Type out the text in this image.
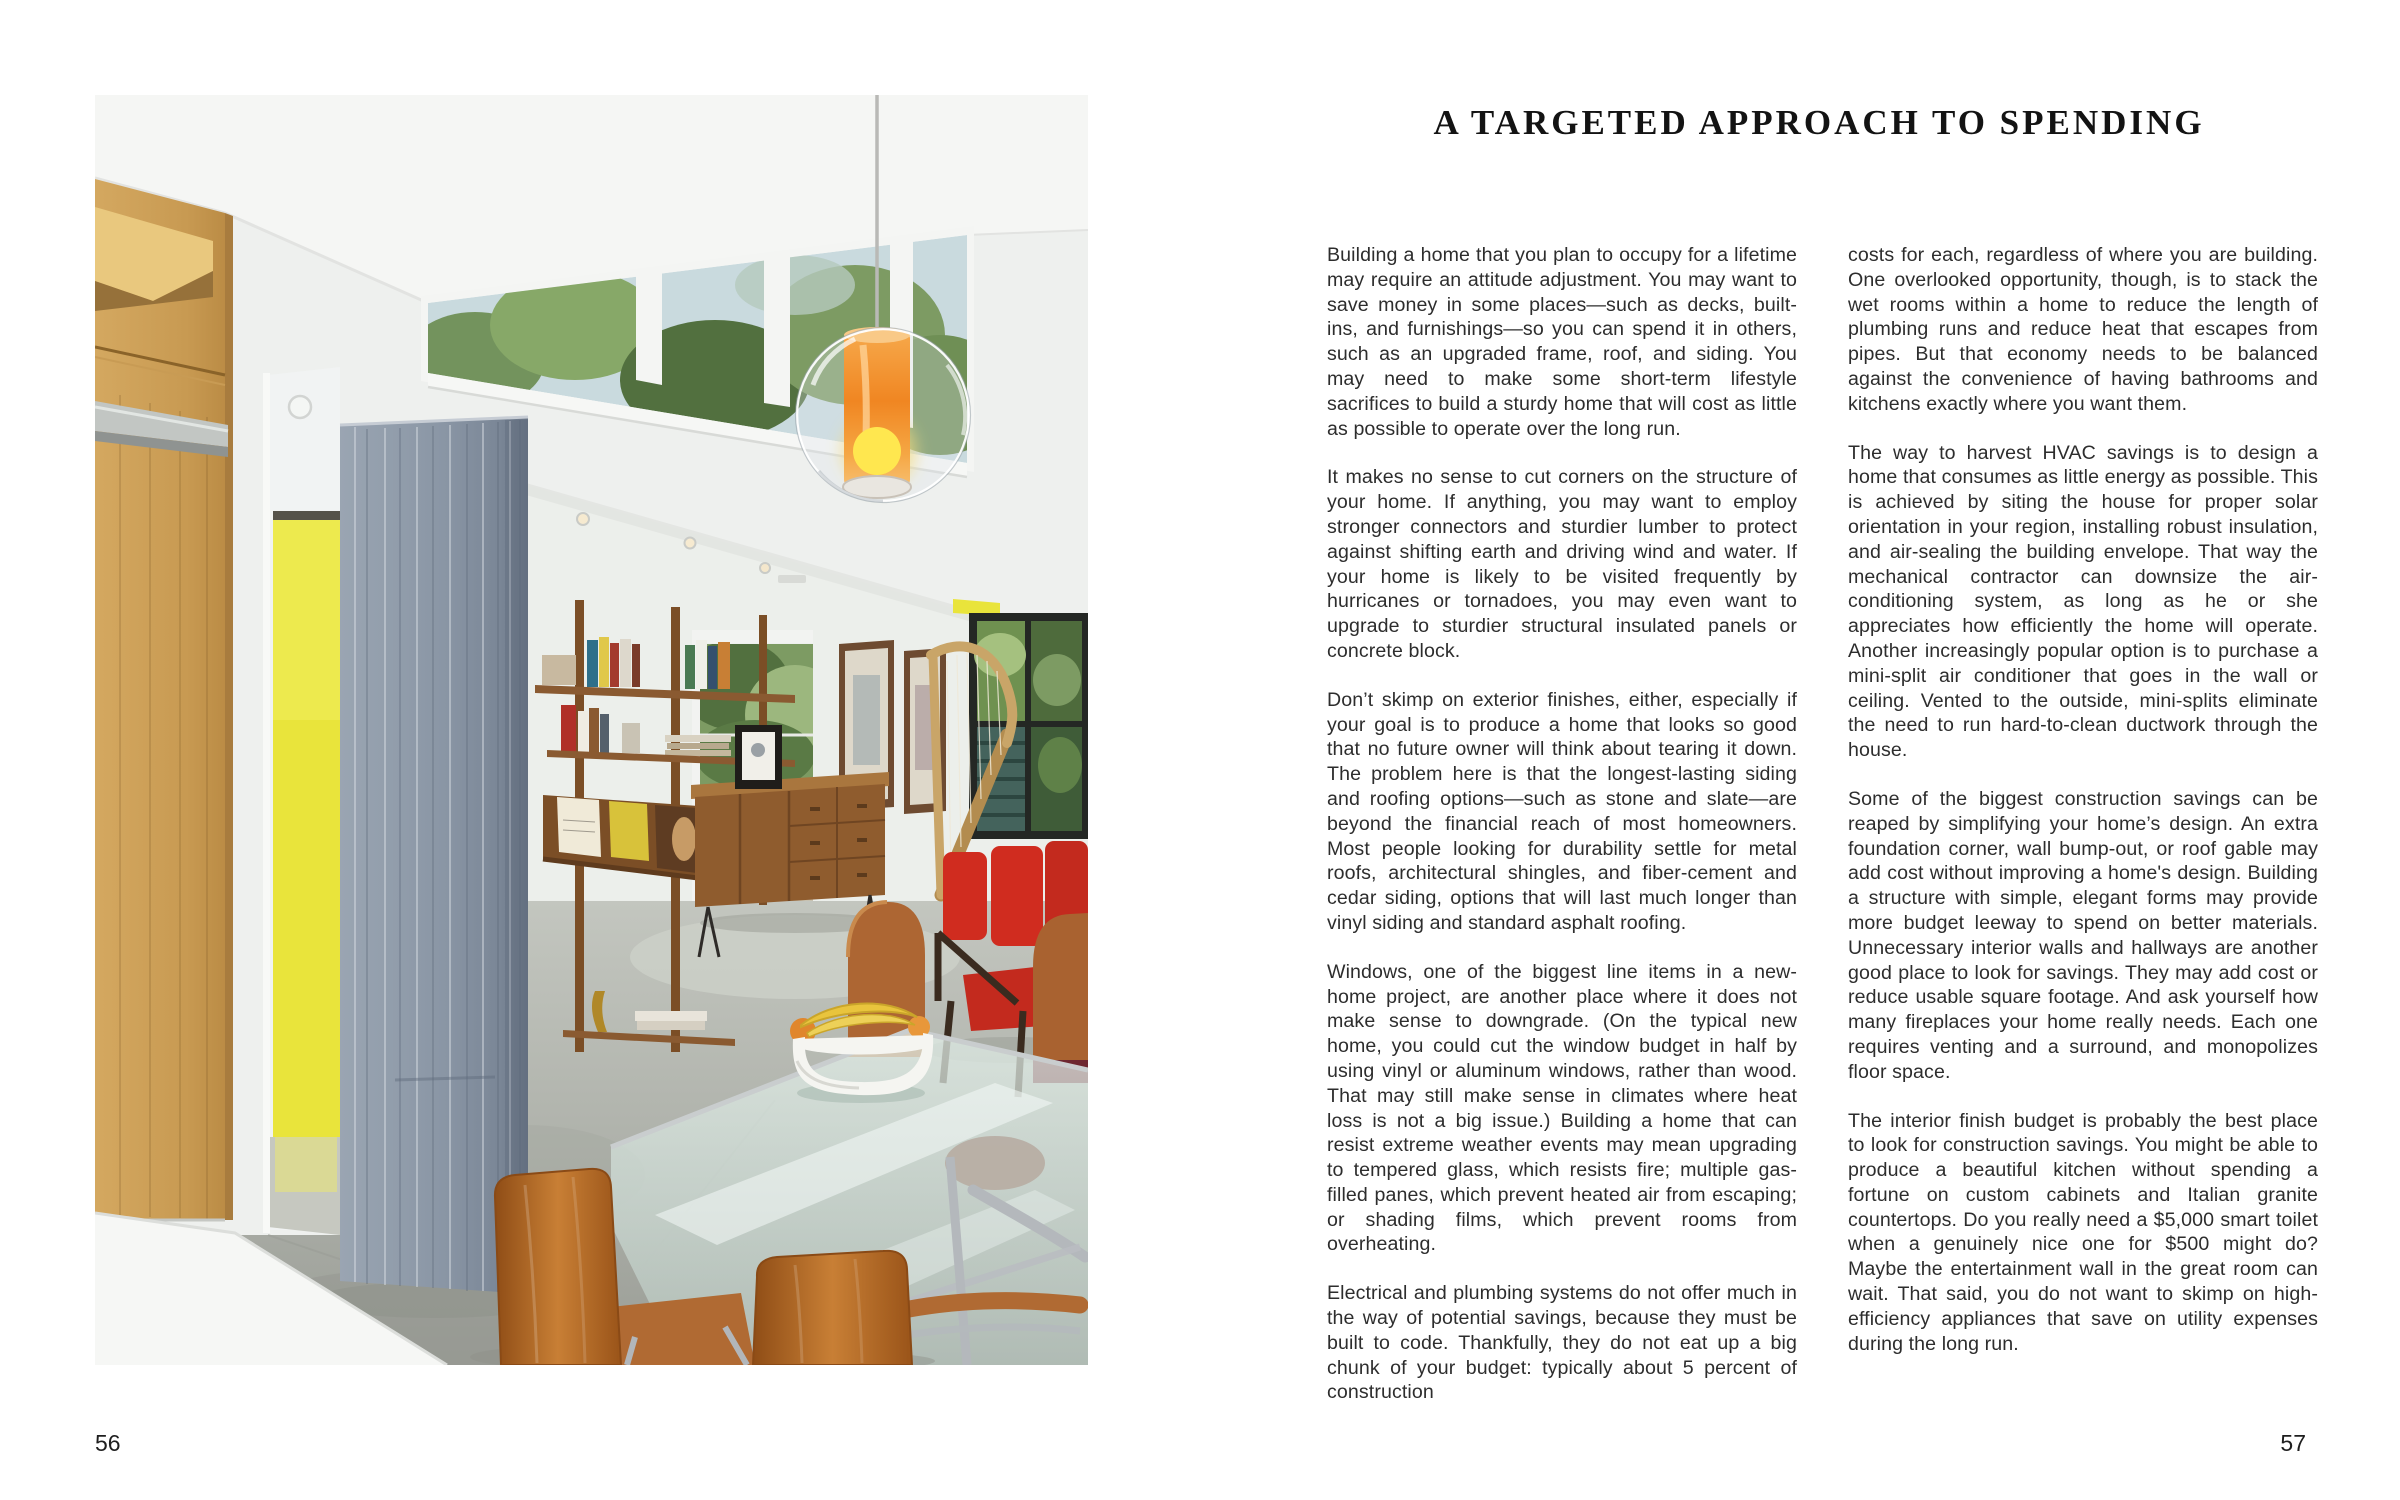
A TARGETED APPROACH TO SPENDING

Building a home that you plan to occupy for a lifetime may require an attitude adjustment. You may want to save money in some places—such as decks, built-ins, and furnishings—so you can spend it in others, such as an upgraded frame, roof, and siding. You may need to make some short-term lifestyle sacrifices to build a sturdy home that will cost as little as possible to operate over the long run.

It makes no sense to cut corners on the structure of your home. If anything, you may want to employ stronger connectors and sturdier lumber to protect against shifting earth and driving wind and water. If your home is likely to be visited frequently by hurricanes or tornadoes, you may even want to upgrade to sturdier structural insulated panels or concrete block.

Don’t skimp on exterior finishes, either, especially if your goal is to produce a home that looks so good that no future owner will think about tearing it down. The problem here is that the longest-lasting siding and roofing options—such as stone and slate—are beyond the financial reach of most homeowners. Most people looking for durability settle for metal roofs, architectural shingles, and fiber-cement and cedar siding, options that will last much longer than vinyl siding and standard asphalt roofing.

Windows, one of the biggest line items in a new-home project, are another place where it does not make sense to downgrade. (On the typical new home, you could cut the window budget in half by using vinyl or aluminum windows, rather than wood. That may still make sense in climates where heat loss is not a big issue.) Building a home that can resist extreme weather events may mean upgrading to tempered glass, which resists fire; multiple gas-filled panes, which prevent heated air from escaping; or shading films, which prevent rooms from overheating.

Electrical and plumbing systems do not offer much in the way of potential savings, because they must be built to code. Thankfully, they do not eat up a big chunk of your budget: typically about 5 percent of construction

costs for each, regardless of where you are building. One overlooked opportunity, though, is to stack the wet rooms within a home to reduce the length of plumbing runs and reduce heat that escapes from pipes. But that economy needs to be balanced against the convenience of having bathrooms and kitchens exactly where you want them.

The way to harvest HVAC savings is to design a home that consumes as little energy as possible. This is achieved by siting the house for proper solar orientation in your region, installing robust insulation, and air-sealing the building envelope. That way the mechanical contractor can downsize the air-conditioning system, as long as he or she appreciates how efficiently the home will operate. Another increasingly popular option is to purchase a mini-split air conditioner that goes in the wall or ceiling. Vented to the outside, mini-splits eliminate the need to run hard-to-clean ductwork through the house.

Some of the biggest construction savings can be reaped by simplifying your home’s design. An extra foundation corner, wall bump-out, or roof gable may add cost without improving a home's design. Building a structure with simple, elegant forms may provide more budget leeway to spend on better materials. Unnecessary interior walls and hallways are another good place to look for savings. They may add cost or reduce usable square footage. And ask yourself how many fireplaces your home really needs. Each one requires venting and a surround, and monopolizes floor space.

The interior finish budget is probably the best place to look for construction savings. You might be able to produce a beautiful kitchen without spending a fortune on custom cabinets and Italian granite countertops. Do you really need a $5,000 smart toilet when a genuinely nice one for $500 might do? Maybe the entertainment wall in the great room can wait. That said, you do not want to skimp on high-efficiency appliances that save on utility expenses during the long run.

56	57
